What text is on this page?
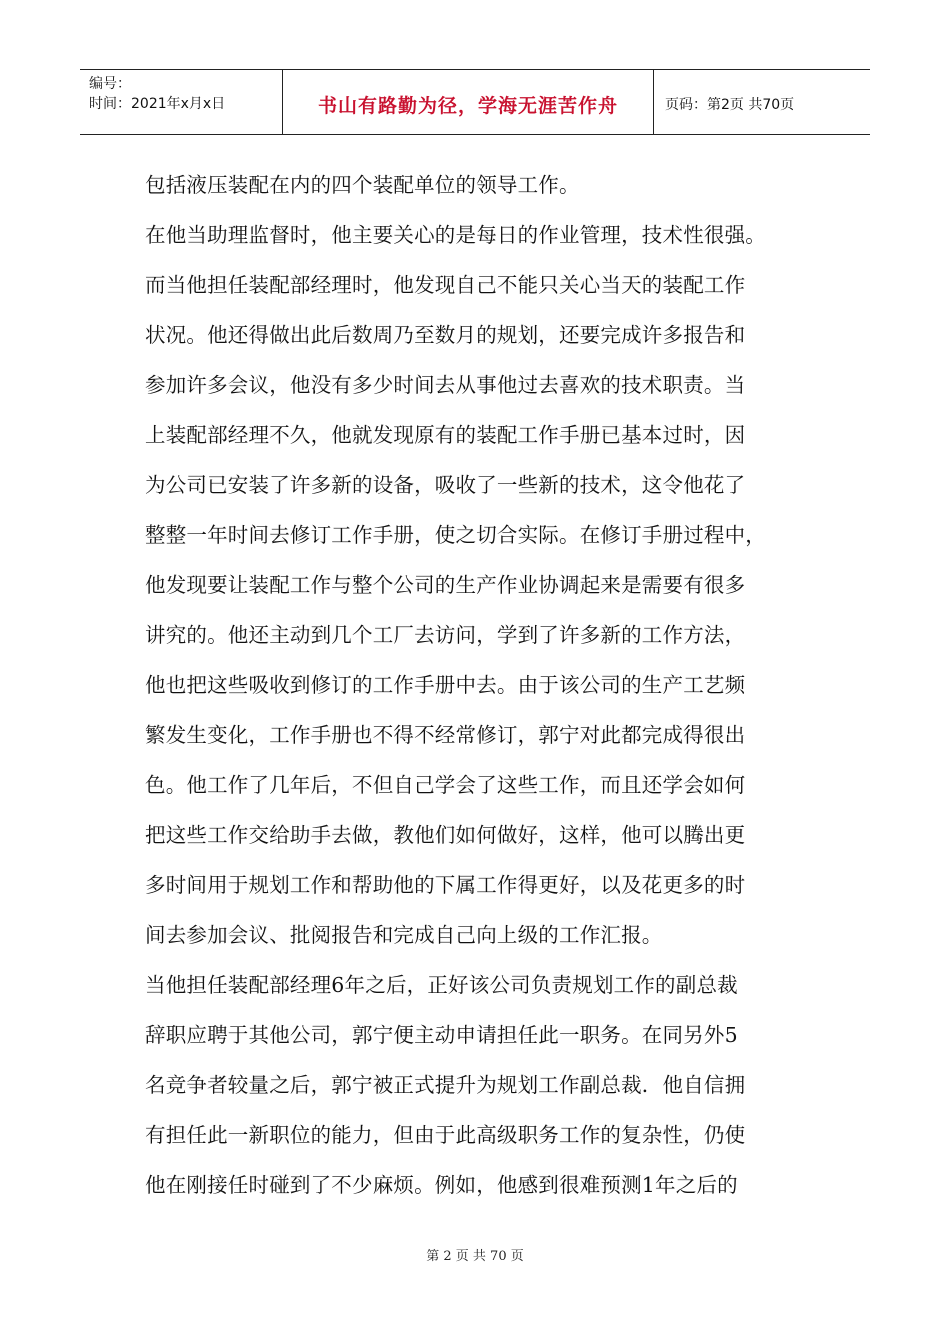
编号：
时间：2021年x月x日	书山有路勤为径，学海无涯苦作舟	页码：第2页 共70页
包括液压装配在内的四个装配单位的领导工作。
在他当助理监督时，他主要关心的是每日的作业管理，技术性很强。
而当他担任装配部经理时，他发现自己不能只关心当天的装配工作
状况。他还得做出此后数周乃至数月的规划，还要完成许多报告和
参加许多会议，他没有多少时间去从事他过去喜欢的技术职责。当
上装配部经理不久，他就发现原有的装配工作手册已基本过时，因
为公司已安装了许多新的设备，吸收了一些新的技术，这令他花了
整整一年时间去修订工作手册，使之切合实际。在修订手册过程中，
他发现要让装配工作与整个公司的生产作业协调起来是需要有很多
讲究的。他还主动到几个工厂去访问，学到了许多新的工作方法，
他也把这些吸收到修订的工作手册中去。由于该公司的生产工艺频
繁发生变化，工作手册也不得不经常修订，郭宁对此都完成得很出
色。他工作了几年后，不但自己学会了这些工作，而且还学会如何
把这些工作交给助手去做，教他们如何做好，这样，他可以腾出更
多时间用于规划工作和帮助他的下属工作得更好，以及花更多的时
间去参加会议、批阅报告和完成自己向上级的工作汇报。
当他担任装配部经理6年之后，正好该公司负责规划工作的副总裁
辞职应聘于其他公司，郭宁便主动申请担任此一职务。在同另外5
名竞争者较量之后，郭宁被正式提升为规划工作副总裁．他自信拥
有担任此一新职位的能力，但由于此高级职务工作的复杂性，仍使
他在刚接任时碰到了不少麻烦。例如，他感到很难预测1年之后的
第 2 页 共 70 页
